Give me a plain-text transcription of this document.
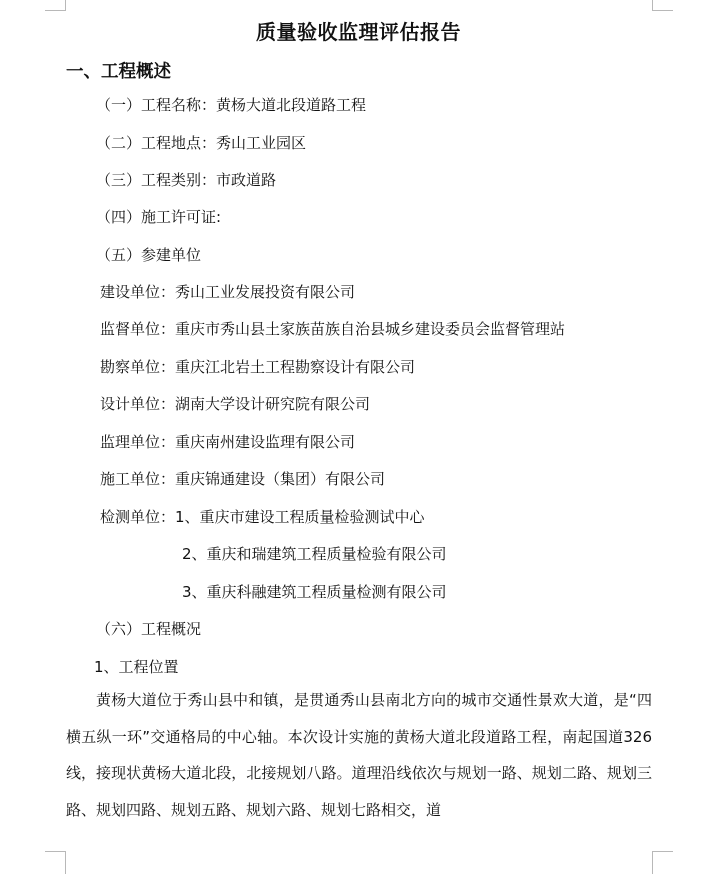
质量验收监理评估报告
一、工程概述
（一）工程名称：黄杨大道北段道路工程
（二）工程地点：秀山工业园区
（三）工程类别：市政道路
（四）施工许可证:
（五）参建单位
建设单位：秀山工业发展投资有限公司
监督单位：重庆市秀山县土家族苗族自治县城乡建设委员会监督管理站
勘察单位：重庆江北岩土工程勘察设计有限公司
设计单位：湖南大学设计研究院有限公司
监理单位：重庆南州建设监理有限公司
施工单位：重庆锦通建设（集团）有限公司
检测单位：1、重庆市建设工程质量检验测试中心
2、重庆和瑞建筑工程质量检验有限公司
3、重庆科融建筑工程质量检测有限公司
（六）工程概况
1、工程位置
黄杨大道位于秀山县中和镇，是贯通秀山县南北方向的城市交通性景欢大道，是“四横五纵一环”交通格局的中心轴。本次设计实施的黄杨大道北段道路工程，南起国道326线，接现状黄杨大道北段，北接规划八路。道理沿线依次与规划一路、规划二路、规划三路、规划四路、规划五路、规划六路、规划七路相交，道
